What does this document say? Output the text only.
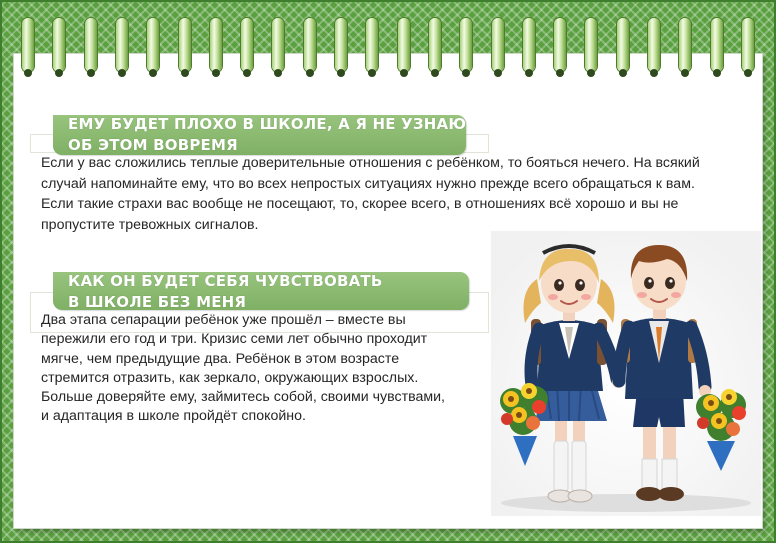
ЕМУ БУДЕТ ПЛОХО В ШКОЛЕ, А Я НЕ УЗНАЮ
ОБ ЭТОМ ВОВРЕМЯ

Если у вас сложились теплые доверительные отношения с ребёнком, то бояться нечего. На всякий
случай напоминайте ему, что во всех непростых ситуациях нужно прежде всего обращаться к вам.
Если такие страхи вас вообще не посещают, то, скорее всего, в отношениях всё хорошо и вы не
пропустите тревожных сигналов.

КАК ОН БУДЕТ СЕБЯ ЧУВСТВОВАТЬ
В ШКОЛЕ БЕЗ МЕНЯ

Два этапа сепарации ребёнок уже прошёл – вместе вы
пережили его год и три. Кризис семи лет обычно проходит
мягче, чем предыдущие два. Ребёнок в этом возрасте
стремится отразить, как зеркало, окружающих взрослых.
Больше доверяйте ему, займитесь собой, своими чувствами,
и адаптация в школе пройдёт спокойно.
